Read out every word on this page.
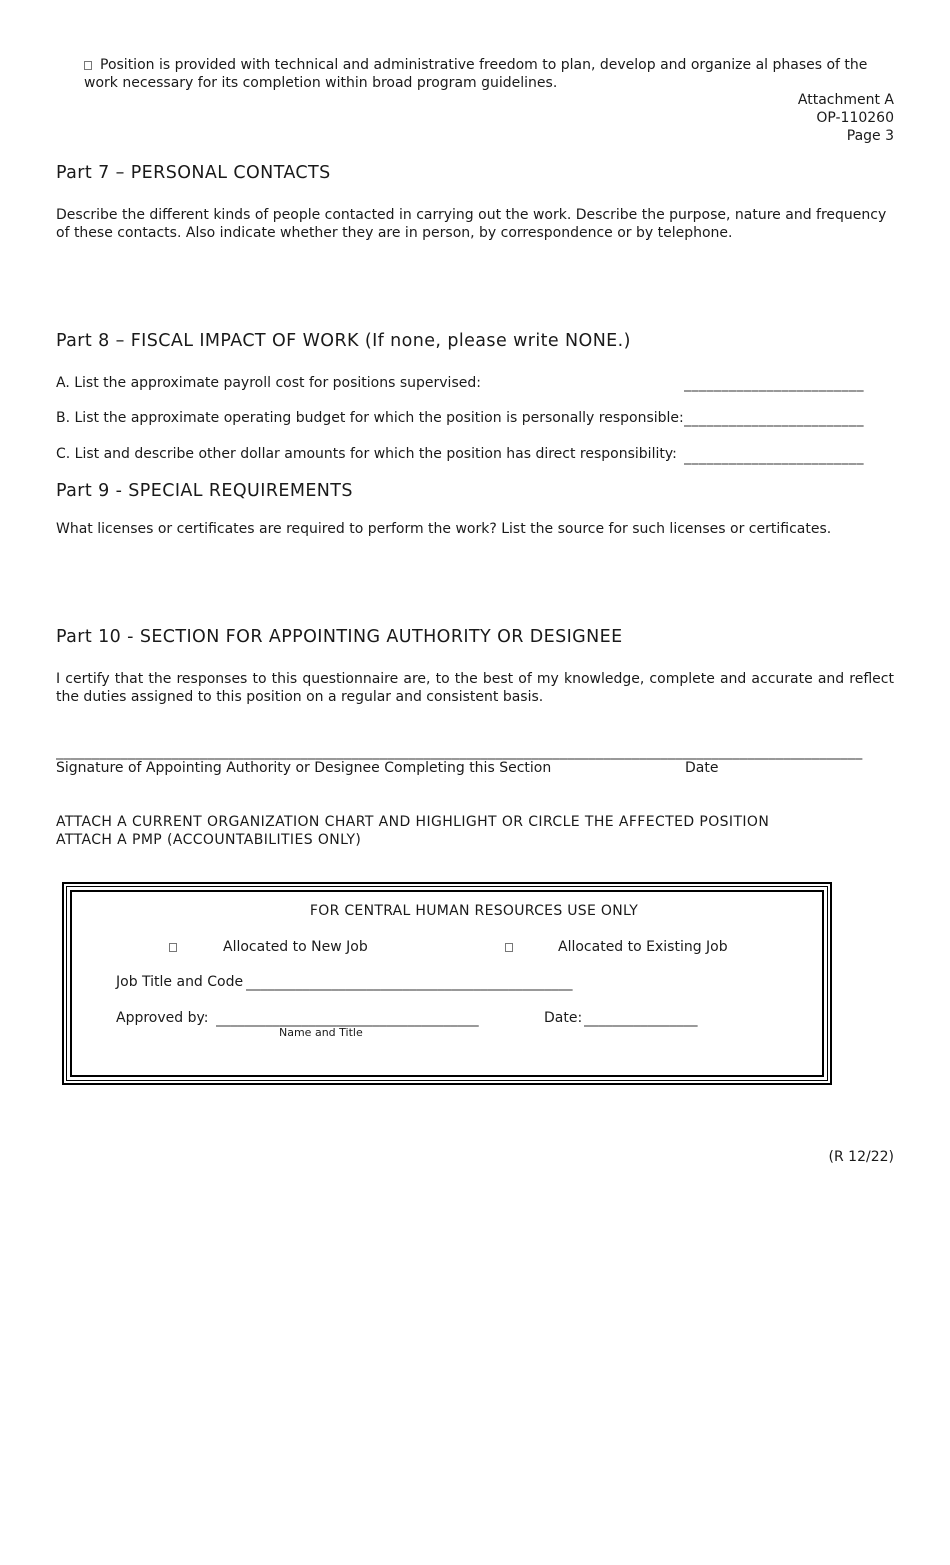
Position is provided with technical and administrative freedom to plan, develop and organize al phases of the work necessary for its completion within broad program guidelines.
Attachment A
OP-110260
Page 3
Part 7 – PERSONAL CONTACTS
Describe the different kinds of people contacted in carrying out the work. Describe the purpose, nature and frequency of these contacts. Also indicate whether they are in person, by correspondence or by telephone.
Part 8 – FISCAL IMPACT OF WORK (If none, please write NONE.)
A. List the approximate payroll cost for positions supervised:	________________________
B. List the approximate operating budget for which the position is personally responsible: ________________________
C. List and describe other dollar amounts for which the position has direct responsibility: ________________________
Part 9 - SPECIAL REQUIREMENTS
What licenses or certificates are required to perform the work? List the source for such licenses or certificates.
Part 10 - SECTION FOR APPOINTING AUTHORITY OR DESIGNEE
I certify that the responses to this questionnaire are, to the best of my knowledge, complete and accurate and reflect the duties assigned to this position on a regular and consistent basis.
________________________________________________________________________________________________________________
Signature of Appointing Authority or Designee Completing this Section	Date
ATTACH A CURRENT ORGANIZATION CHART AND HIGHLIGHT OR CIRCLE THE AFFECTED POSITION
ATTACH A PMP (ACCOUNTABILITIES ONLY)
FOR CENTRAL HUMAN RESOURCES USE ONLY
Allocated to New Job	Allocated to Existing Job
Job Title and Code ______________________________________________
Approved by: _____________________________________
Name and Title
Date: ________________
(R 12/22)
